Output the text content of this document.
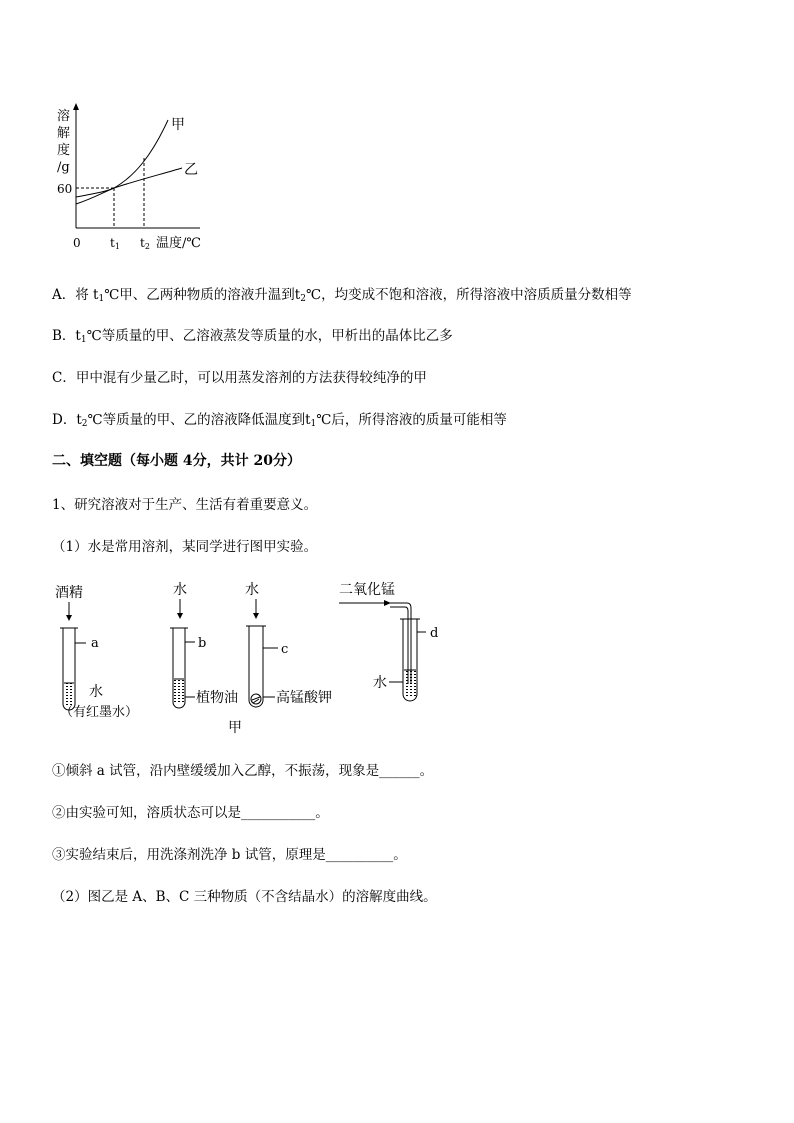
溶
解
度
/g
甲
乙
60
0 t1 t2 温度/℃
A．将 $t_1℃$甲、乙两种物质的溶液升温到$t_2℃$，均变成不饱和溶液，所得溶液中溶质质量分数相等
B．$t_1℃$等质量的甲、乙溶液蒸发等质量的水，甲析出的晶体比乙多
C．甲中混有少量乙时，可以用蒸发溶剂的方法获得较纯净的甲
D．$t_2℃$等质量的甲、乙的溶液降低温度到$t_1℃$后，所得溶液的质量可能相等
二、填空题（每小题 4分，共计 20分）
1、研究溶液对于生产、生活有着重要意义。
（1）水是常用溶剂，某同学进行图甲实验。
酒精
a
水
（有红墨水）
水
b
植物油
水
c
高锰酸钾
甲
二氧化锰
d
水
①倾斜 a 试管，沿内壁缓缓加入乙醇，不振荡，现象是______。
②由实验可知，溶质状态可以是___________。
③实验结束后，用洗涤剂洗净 b 试管，原理是__________。
（2）图乙是 A、B、C 三种物质（不含结晶水）的溶解度曲线。
